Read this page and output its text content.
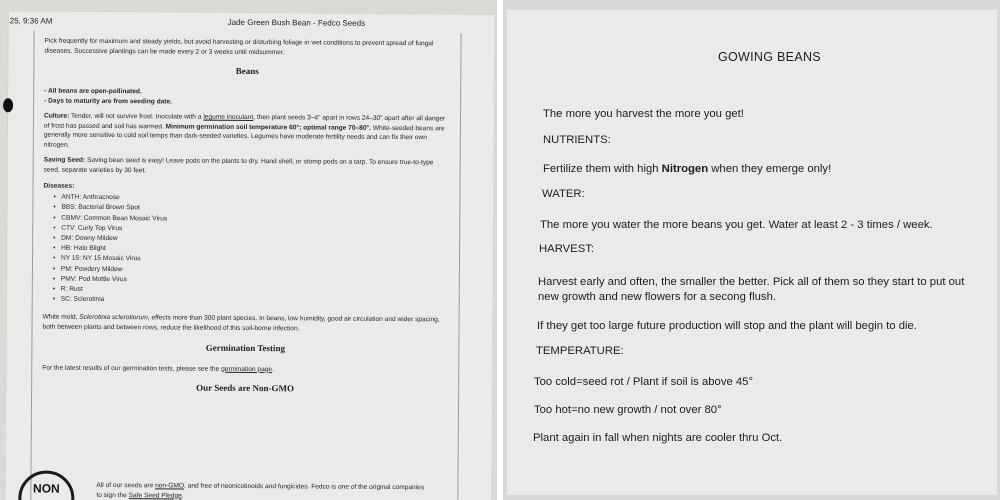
25, 9:36 AM	Jade Green Bush Bean - Fedco Seeds

Pick frequently for maximum and steady yields, but avoid harvesting or disturbing foliage in wet conditions to prevent spread of fungal diseases. Successive plantings can be made every 2 or 3 weeks until midsummer.

Beans
- All beans are open-pollinated.
- Days to maturity are from seeding date.

Culture: Tender, will not survive frost. Inoculate with a legume inoculant, then plant seeds 3–4" apart in rows 24–30" apart after all danger of frost has passed and soil has warmed. Minimum germination soil temperature 60°; optimal range 70–80°. White-seeded beans are generally more sensitive to cold soil temps than dark-seeded varieties. Legumes have moderate fertility needs and can fix their own nitrogen.

Saving Seed: Saving bean seed is easy! Leave pods on the plants to dry. Hand shell, or stomp pods on a tarp. To ensure true-to-type seed, separate varieties by 30 feet.

Diseases:
• ANTH: Anthracnose
• BBS: Bacterial Brown Spot
• CBMV: Common Bean Mosaic Virus
• CTV: Curly Top Virus
• DM: Downy Mildew
• HB: Halo Blight
• NY 15: NY 15 Mosaic Virus
• PM: Powdery Mildew
• PMV: Pod Mottle Virus
• R: Rust
• SC: Sclerotinia

White mold, Sclerotinia sclerotiorum, effects more than 300 plant species. In beans, low humidity, good air circulation and wider spacing, both between plants and between rows, reduce the likelihood of this soil-borne infection.

Germination Testing

For the latest results of our germination tests, please see the germination page.

Our Seeds are Non-GMO
NON	All of our seeds are non-GMO, and free of neonicotinoids and fungicides. Fedco is one of the original companies to sign the Safe Seed Pledge.
GOWING BEANS
The more you harvest the more you get!
NUTRIENTS:
Fertilize them with high Nitrogen when they emerge only!
WATER:
The more you water the more beans you get. Water at least 2 - 3 times / week.
HARVEST:
Harvest early and often, the smaller the better. Pick all of them so they start to put out
new growth and new flowers for a secong flush.
If they get too large future production will stop and the plant will begin to die.
TEMPERATURE:
Too cold=seed rot / Plant if soil is above 45°
Too hot=no new growth / not over 80°
Plant again in fall when nights are cooler thru Oct.
